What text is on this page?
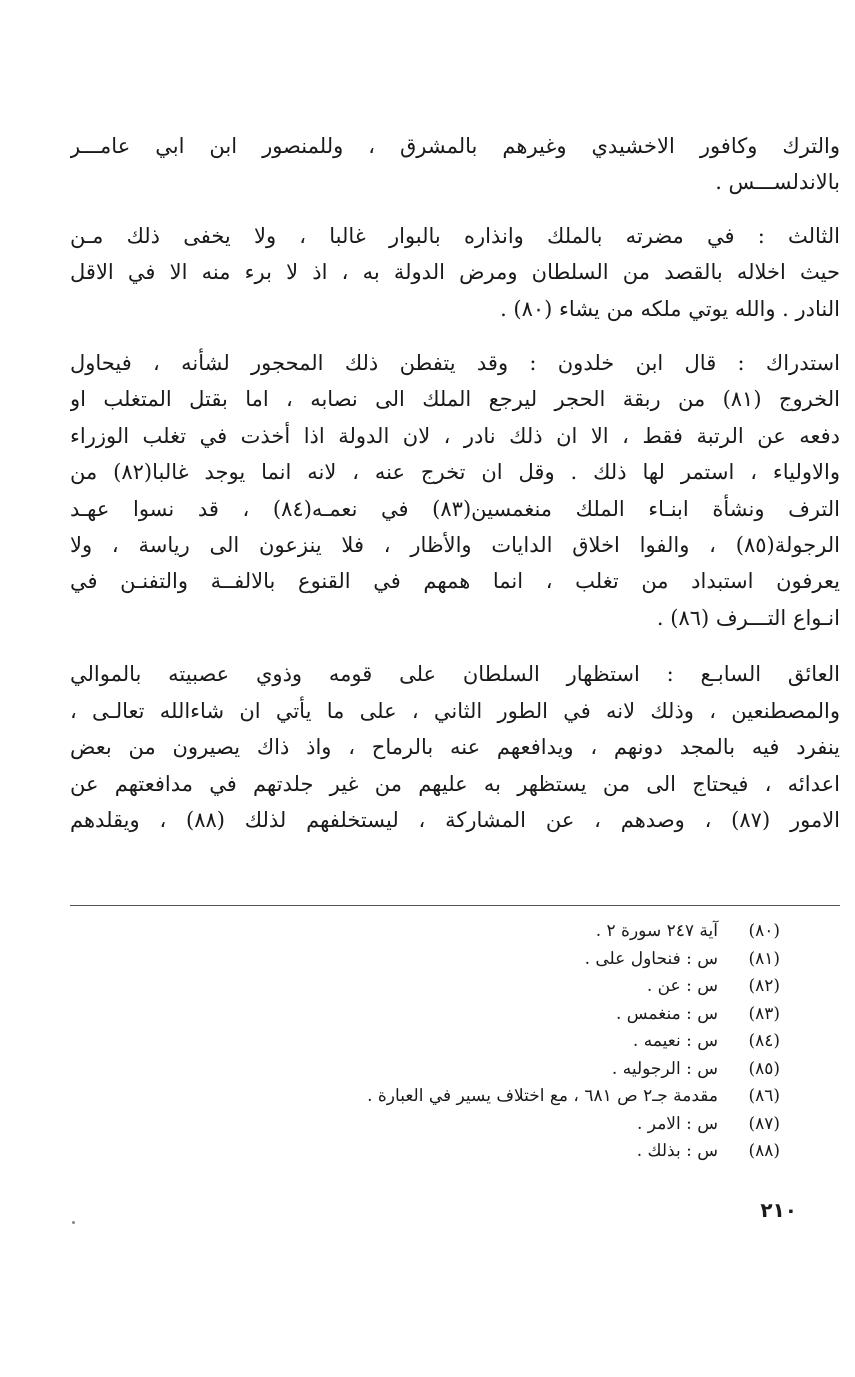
والترك وكافور الاخشيدي وغيرهم بالمشرق ، وللمنصور ابن ابي عامـــر
بالاندلســـس .

الثالث : في مضرته بالملك وانذاره بالبوار غالبا ، ولا يخفى ذلك مـن
حيث اخلاله بالقصد من السلطان ومرض الدولة به ، اذ لا برء منه الا في الاقل
النادر . والله يوتي ملكه من يشاء (٨٠) .

استدراك : قال ابن خلدون : وقد يتفطن ذلك المحجور لشأنه ، فيحاول
الخروج (٨١) من ربقة الحجر ليرجع الملك الى نصابه ، اما بقتل المتغلب او
دفعه عن الرتبة فقط ، الا ان ذلك نادر ، لان الدولة اذا أخذت في تغلب الوزراء
والاولياء ، استمر لها ذلك . وقل ان تخرج عنه ، لانه انما يوجد غالبا(٨٢) من
الترف ونشأة ابنـاء الملك منغمسين(٨٣) في نعمـه(٨٤) ، قد نسوا عهـد
الرجولة(٨٥) ، والفوا اخلاق الدايات والأظار ، فلا ينزعون الى رياسة ، ولا
يعرفون استبداد من تغلب ، انما همهم في القنوع بالالفــة والتفنـن في
انـواع التـــرف (٨٦) .

العائق السابـع : استظهار السلطان على قومه وذوي عصبيته بالموالي
والمصطنعين ، وذلك لانه في الطور الثاني ، على ما يأتي ان شاءالله تعالـى ،
ينفرد فيه بالمجد دونهم ، ويدافعهم عنه بالرماح ، واذ ذاك يصيرون من بعض
اعدائه ، فيحتاج الى من يستظهر به عليهم من غير جلدتهم في مدافعتهم عن
الامور (٨٧) ، وصدهم ، عن المشاركة ، ليستخلفهم لذلك (٨٨) ، ويقلدهم

(٨٠)
آية ٢٤٧ سورة ٢ .
(٨١)
س : فنحاول على .
(٨٢)
س : عن .
(٨٣)
س : منغمس .
(٨٤)
س : نعيمه .
(٨٥)
س : الرجوليه .
(٨٦)
مقدمة جـ٢ ص ٦٨١ ، مع اختلاف يسير في العبارة .
(٨٧)
س : الامر .
(٨٨)
س : بذلك .
٢١٠
